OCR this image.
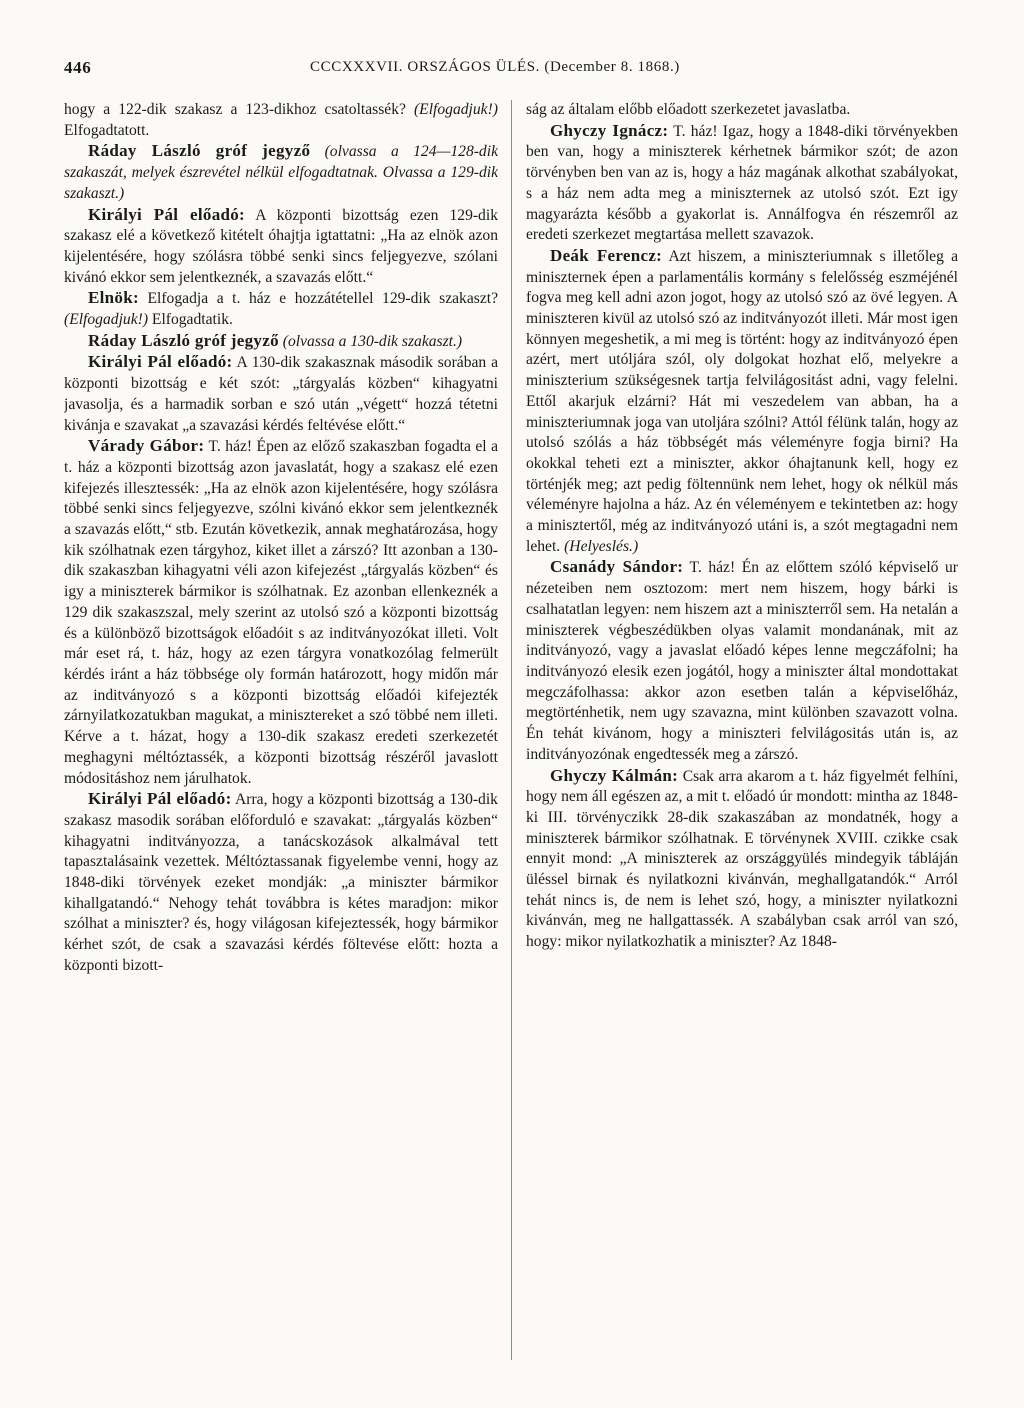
446	CCCXXXVII. ORSZÁGOS ÜLÉS. (December 8. 1868.)

hogy a 122-dik szakasz a 123-dikhoz csatoltassék? (Elfogadjuk!) Elfogadtatott.

Ráday László gróf jegyző (olvassa a 124—128-dik szakaszát, melyek észrevétel nélkül elfogadtatnak. Olvassa a 129-dik szakaszt.)

Királyi Pál előadó: A központi bizottság ezen 129-dik szakasz elé a következő kitételt óhajtja igtattatni: „Ha az elnök azon kijelentésére, hogy szólásra többé senki sincs feljegyezve, szólani kivánó ekkor sem jelentkeznék, a szavazás előtt.“

Elnök: Elfogadja a t. ház e hozzátétellel 129-dik szakaszt? (Elfogadjuk!) Elfogadtatik.

Ráday László gróf jegyző (olvassa a 130-dik szakaszt.)

Királyi Pál előadó: A 130-dik szakasznak második sorában a központi bizottság e két szót: „tárgyalás közben“ kihagyatni javasolja, és a harmadik sorban e szó után „végett“ hozzá tétetni kivánja e szavakat „a szavazási kérdés feltévése előtt.“

Várady Gábor: T. ház! Épen az előző szakaszban fogadta el a t. ház a központi bizottság azon javaslatát, hogy a szakasz elé ezen kifejezés illesztessék: „Ha az elnök azon kijelentésére, hogy szólásra többé senki sincs feljegyezve, szólni kivánó ekkor sem jelentkeznék a szavazás előtt,“ stb. Ezután következik, annak meghatározása, hogy kik szólhatnak ezen tárgyhoz, kiket illet a zárszó? Itt azonban a 130-dik szakaszban kihagyatni véli azon kifejezést „tárgyalás közben“ és igy a miniszterek bármikor is szólhatnak. Ez azonban ellenkeznék a 129 dik szakaszszal, mely szerint az utolsó szó a központi bizottság és a különböző bizottságok előadóit s az inditványozókat illeti. Volt már eset rá, t. ház, hogy az ezen tárgyra vonatkozólag felmerült kérdés iránt a ház többsége oly formán határozott, hogy midőn már az inditványozó s a központi bizottság előadói kifejezték zárnyilatkozatukban magukat, a minisztereket a szó többé nem illeti. Kérve a t. házat, hogy a 130-dik szakasz eredeti szerkezetét meghagyni méltóztassék, a központi bizottság részéről javaslott módositáshoz nem járulhatok.

Királyi Pál előadó: Arra, hogy a központi bizottság a 130-dik szakasz masodik sorában előforduló e szavakat: „tárgyalás közben“ kihagyatni inditványozza, a tanácskozások alkalmával tett tapasztalásaink vezettek. Méltóztassanak figyelembe venni, hogy az 1848-diki törvények ezeket mondják: „a miniszter bármikor kihallgatandó.“ Nehogy tehát továbbra is kétes maradjon: mikor szólhat a miniszter? és, hogy világosan kifejeztessék, hogy bármikor kérhet szót, de csak a szavazási kérdés föltevése előtt: hozta a központi bizott-

ság az általam előbb előadott szerkezetet javaslatba.

Ghyczy Ignácz: T. ház! Igaz, hogy a 1848-diki törvényekben ben van, hogy a miniszterek kérhetnek bármikor szót; de azon törvényben ben van az is, hogy a ház magának alkothat szabályokat, s a ház nem adta meg a miniszternek az utolsó szót. Ezt igy magyarázta később a gyakorlat is. Annálfogva én részemről az eredeti szerkezet megtartása mellett szavazok.

Deák Ferencz: Azt hiszem, a miniszteriumnak s illetőleg a miniszternek épen a parlamentális kormány s felelősség eszméjénél fogva meg kell adni azon jogot, hogy az utolsó szó az övé legyen. A miniszteren kivül az utolsó szó az inditványozót illeti. Már most igen könnyen megeshetik, a mi meg is történt: hogy az inditványozó épen azért, mert utóljára szól, oly dolgokat hozhat elő, melyekre a miniszterium szükségesnek tartja felvilágositást adni, vagy felelni. Ettől akarjuk elzárni? Hát mi veszedelem van abban, ha a miniszteriumnak joga van utoljára szólni? Attól félünk talán, hogy az utolsó szólás a ház többségét más véleményre fogja birni? Ha okokkal teheti ezt a miniszter, akkor óhajtanunk kell, hogy ez történjék meg; azt pedig föltennünk nem lehet, hogy ok nélkül más véleményre hajolna a ház. Az én véleményem e tekintetben az: hogy a minisztertől, még az inditványozó utáni is, a szót megtagadni nem lehet. (Helyeslés.)

Csanády Sándor: T. ház! Én az előttem szóló képviselő ur nézeteiben nem osztozom: mert nem hiszem, hogy bárki is csalhatatlan legyen: nem hiszem azt a miniszterről sem. Ha netalán a miniszterek végbeszédükben olyas valamit mondanának, mit az inditványozó, vagy a javaslat előadó képes lenne megczáfolni; ha inditványozó elesik ezen jogától, hogy a miniszter által mondottakat megczáfolhassa: akkor azon esetben talán a képviselőház, megtörténhetik, nem ugy szavazna, mint különben szavazott volna. Én tehát kivánom, hogy a miniszteri felvilágositás után is, az inditványozónak engedtessék meg a zárszó.

Ghyczy Kálmán: Csak arra akarom a t. ház figyelmét felhíni, hogy nem áll egészen az, a mit t. előadó úr mondott: mintha az 1848-ki III. törvényczikk 28-dik szakaszában az mondatnék, hogy a miniszterek bármikor szólhatnak. E törvénynek XVIII. czikke csak ennyit mond: „A miniszterek az országgyülés mindegyik tábláján üléssel birnak és nyilatkozni kivánván, meghallgatandók.“ Arról tehát nincs is, de nem is lehet szó, hogy, a miniszter nyilatkozni kivánván, meg ne hallgattassék. A szabályban csak arról van szó, hogy: mikor nyilatkozhatik a miniszter? Az 1848-
